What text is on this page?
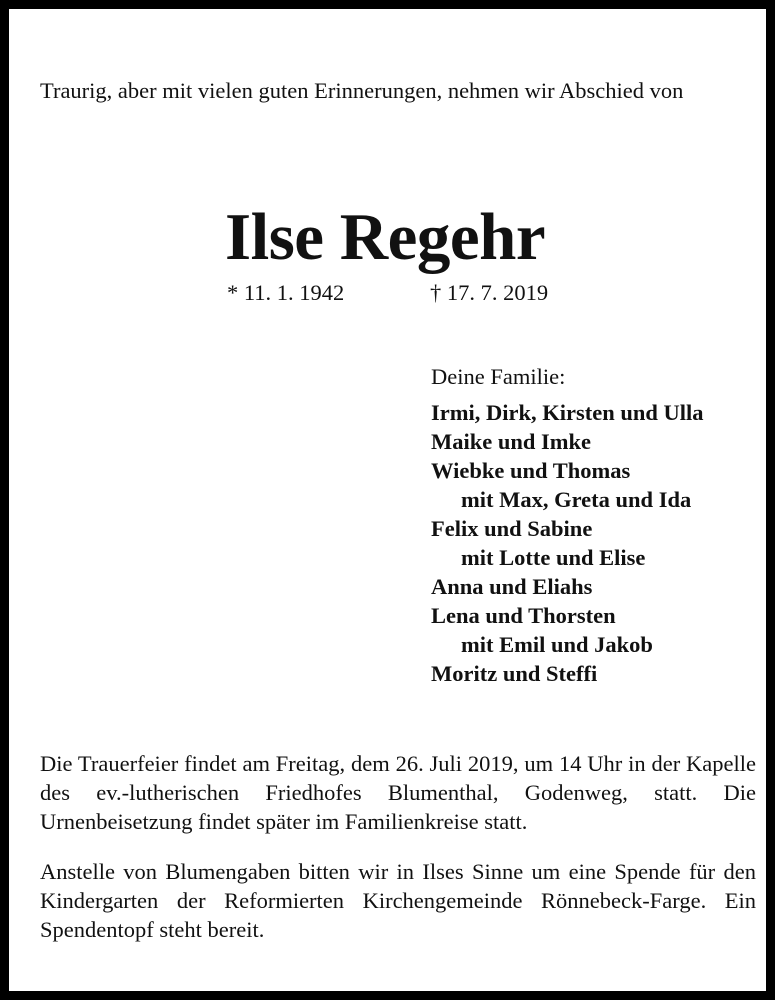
Traurig, aber mit vielen guten Erinnerungen, nehmen wir Abschied von
Ilse Regehr
* 11. 1. 1942	† 17. 7. 2019
Deine Familie:
Irmi, Dirk, Kirsten und Ulla
Maike und Imke
Wiebke und Thomas
mit Max, Greta und Ida
Felix und Sabine
mit Lotte und Elise
Anna und Eliahs
Lena und Thorsten
mit Emil und Jakob
Moritz und Steffi

Die Trauerfeier findet am Freitag, dem 26. Juli 2019, um 14 Uhr in der Kapelle des ev.-lutherischen Friedhofes Blumenthal, Godenweg, statt. Die Urnenbeisetzung findet später im Familienkreise statt.

Anstelle von Blumengaben bitten wir in Ilses Sinne um eine Spende für den Kindergarten der Reformierten Kirchengemeinde Rönnebeck-Farge. Ein Spendentopf steht bereit.
